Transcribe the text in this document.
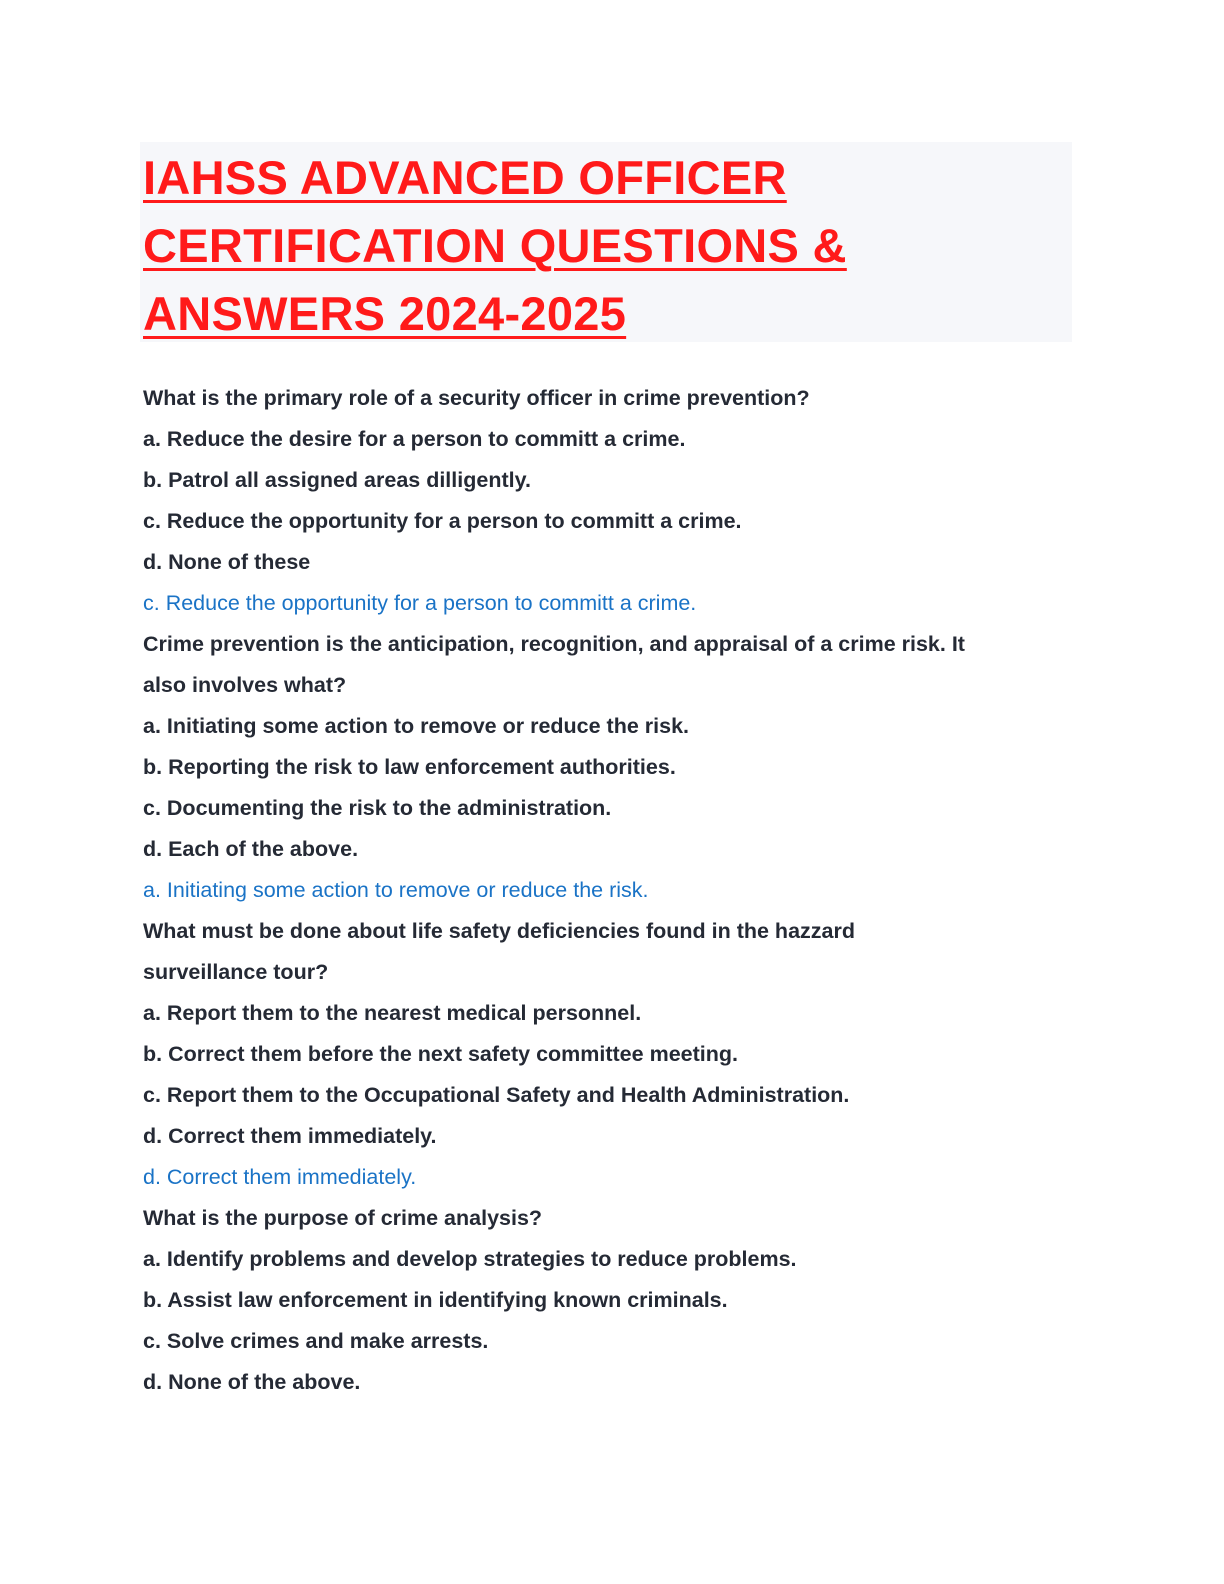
IAHSS ADVANCED OFFICER
CERTIFICATION QUESTIONS &
ANSWERS 2024-2025

What is the primary role of a security officer in crime prevention?

a. Reduce the desire for a person to committ a crime.

b. Patrol all assigned areas dilligently.

c. Reduce the opportunity for a person to committ a crime.

d. None of these

c. Reduce the opportunity for a person to committ a crime.

Crime prevention is the anticipation, recognition, and appraisal of a crime risk. It

also involves what?

a. Initiating some action to remove or reduce the risk.

b. Reporting the risk to law enforcement authorities.

c. Documenting the risk to the administration.

d. Each of the above.

a. Initiating some action to remove or reduce the risk.

What must be done about life safety deficiencies found in the hazzard

surveillance tour?

a. Report them to the nearest medical personnel.

b. Correct them before the next safety committee meeting.

c. Report them to the Occupational Safety and Health Administration.

d. Correct them immediately.

d. Correct them immediately.

What is the purpose of crime analysis?

a. Identify problems and develop strategies to reduce problems.

b. Assist law enforcement in identifying known criminals.

c. Solve crimes and make arrests.

d. None of the above.
